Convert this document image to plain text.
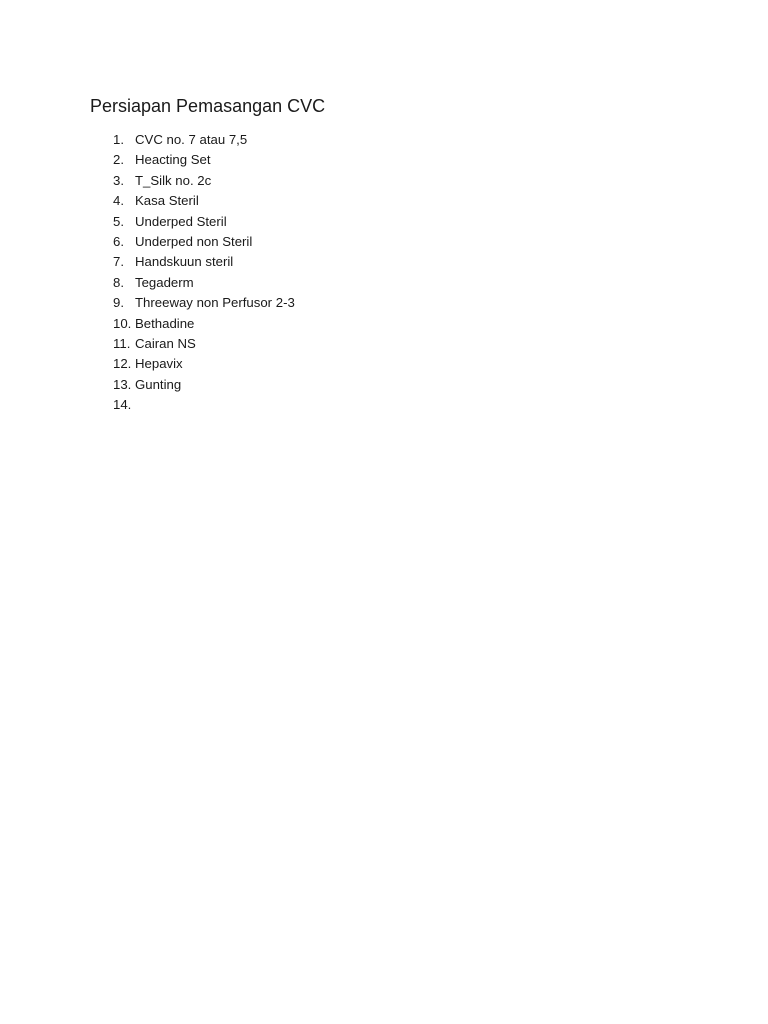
Persiapan Pemasangan CVC
1. CVC no. 7 atau 7,5
2. Heacting Set
3. T_Silk no. 2c
4. Kasa Steril
5. Underped Steril
6. Underped non Steril
7. Handskuun steril
8. Tegaderm
9. Threeway non Perfusor 2-3
10. Bethadine
11. Cairan NS
12. Hepavix
13. Gunting
14.
